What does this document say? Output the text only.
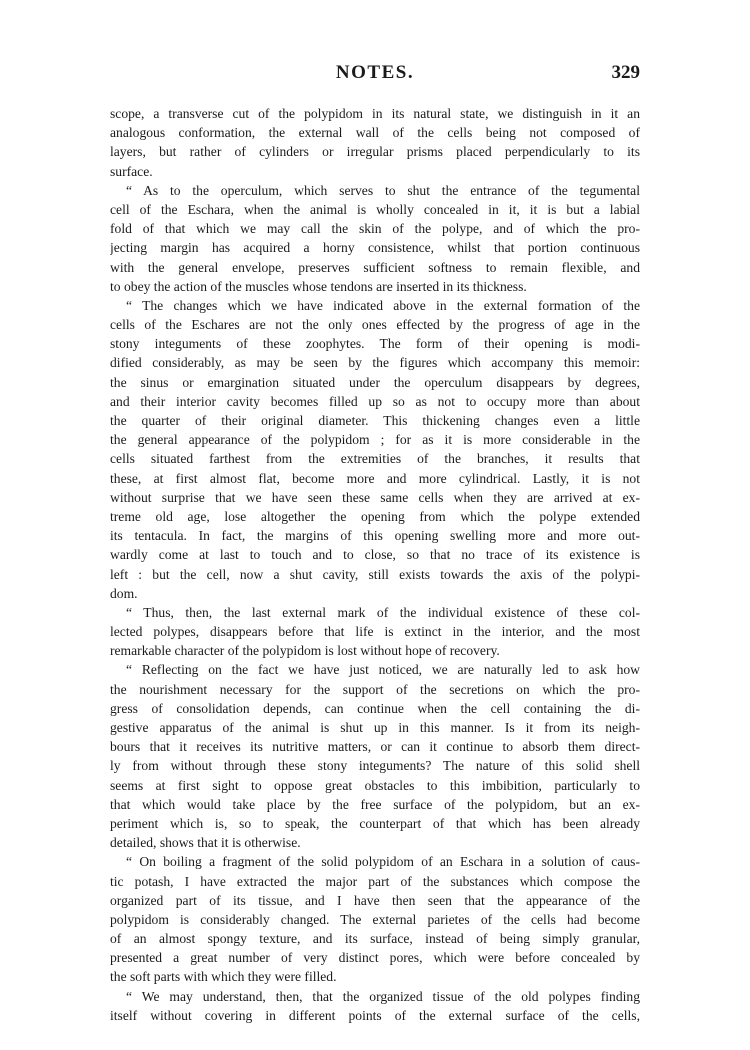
NOTES.	329
scope, a transverse cut of the polypidom in its natural state, we distinguish in it an
analogous conformation, the external wall of the cells being not composed of
layers, but rather of cylinders or irregular prisms placed perpendicularly to its
surface.
“ As to the operculum, which serves to shut the entrance of the tegumental
cell of the Eschara, when the animal is wholly concealed in it, it is but a labial
fold of that which we may call the skin of the polype, and of which the pro-
jecting margin has acquired a horny consistence, whilst that portion continuous
with the general envelope, preserves sufficient softness to remain flexible, and
to obey the action of the muscles whose tendons are inserted in its thickness.
“ The changes which we have indicated above in the external formation of the
cells of the Eschares are not the only ones effected by the progress of age in the
stony integuments of these zoophytes. The form of their opening is modi-
dified considerably, as may be seen by the figures which accompany this memoir:
the sinus or emargination situated under the operculum disappears by degrees,
and their interior cavity becomes filled up so as not to occupy more than about
the quarter of their original diameter. This thickening changes even a little
the general appearance of the polypidom ; for as it is more considerable in the
cells situated farthest from the extremities of the branches, it results that
these, at first almost flat, become more and more cylindrical. Lastly, it is not
without surprise that we have seen these same cells when they are arrived at ex-
treme old age, lose altogether the opening from which the polype extended
its tentacula. In fact, the margins of this opening swelling more and more out-
wardly come at last to touch and to close, so that no trace of its existence is
left : but the cell, now a shut cavity, still exists towards the axis of the polypi-
dom.
“ Thus, then, the last external mark of the individual existence of these col-
lected polypes, disappears before that life is extinct in the interior, and the most
remarkable character of the polypidom is lost without hope of recovery.
“ Reflecting on the fact we have just noticed, we are naturally led to ask how
the nourishment necessary for the support of the secretions on which the pro-
gress of consolidation depends, can continue when the cell containing the di-
gestive apparatus of the animal is shut up in this manner. Is it from its neigh-
bours that it receives its nutritive matters, or can it continue to absorb them direct-
ly from without through these stony integuments? The nature of this solid shell
seems at first sight to oppose great obstacles to this imbibition, particularly to
that which would take place by the free surface of the polypidom, but an ex-
periment which is, so to speak, the counterpart of that which has been already
detailed, shows that it is otherwise.
“ On boiling a fragment of the solid polypidom of an Eschara in a solution of caus-
tic potash, I have extracted the major part of the substances which compose the
organized part of its tissue, and I have then seen that the appearance of the
polypidom is considerably changed. The external parietes of the cells had become
of an almost spongy texture, and its surface, instead of being simply granular,
presented a great number of very distinct pores, which were before concealed by
the soft parts with which they were filled.
“ We may understand, then, that the organized tissue of the old polypes finding
itself without covering in different points of the external surface of the cells,
